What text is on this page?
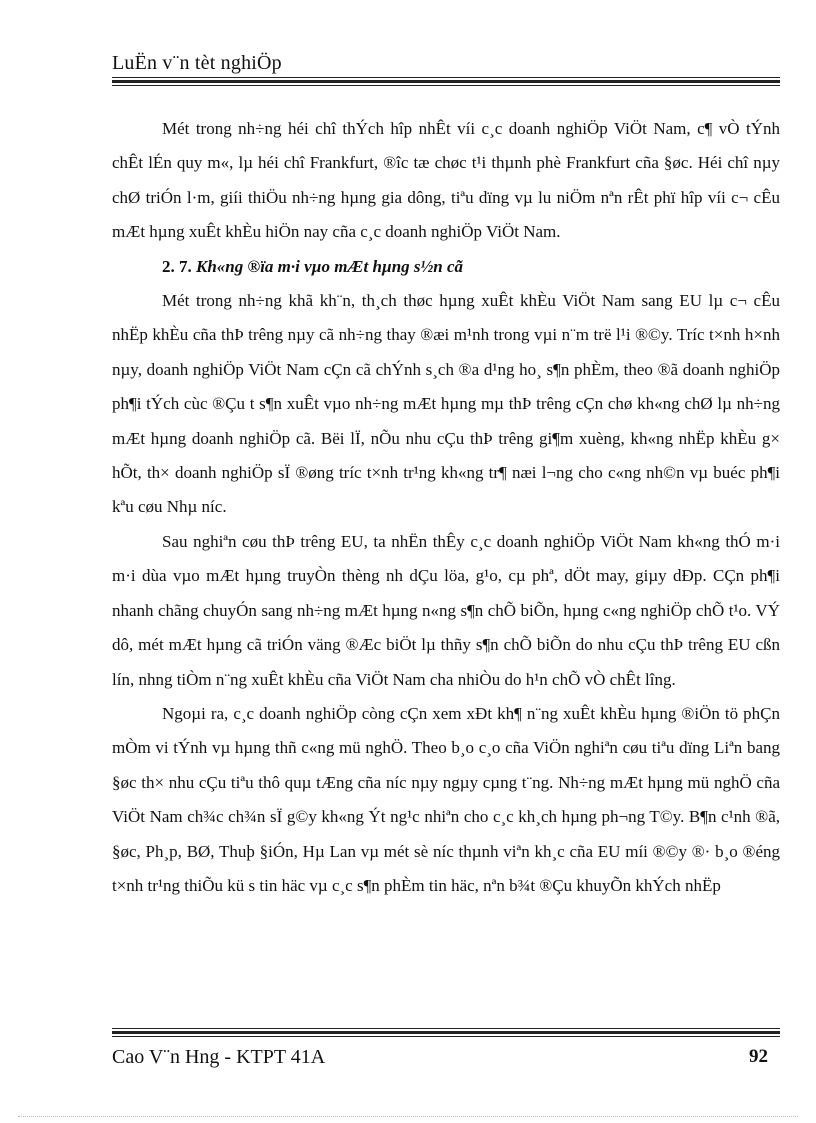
LuËn v¨n tèt nghiÖp

Mét trong nh÷ng héi chî thÝch hîp nhÊt víi c¸c doanh nghiÖp ViÖt Nam, c¶ vÒ tÝnh chÊt lÉn quy m«, lµ héi chî Frankfurt, ®îc tæ chøc t¹i thµnh phè Frankfurt cña §øc. Héi chî nµy chØ triÓn l·m, giíi thiÖu nh÷ng hµng gia dông, tiªu dïng vµ lu niÖm nªn rÊt phï hîp víi c¬ cÊu mÆt hµng xuÊt khÈu hiÖn nay cña c¸c doanh nghiÖp ViÖt Nam.

2. 7. Kh«ng ®ïa m·i vµo mÆt hµng s½n cã

Mét trong nh÷ng khã kh¨n, th¸ch thøc hµng xuÊt khÈu ViÖt Nam sang EU lµ c¬ cÊu nhËp khÈu cña thÞ trêng nµy cã nh÷ng thay ®æi m¹nh trong vµi n¨m trë l¹i ®©y. Tríc t×nh h×nh nµy, doanh nghiÖp ViÖt Nam cÇn cã chÝnh s¸ch ®a d¹ng ho¸ s¶n phÈm, theo ®ã doanh nghiÖp ph¶i tÝch cùc ®Çu t s¶n xuÊt vµo nh÷ng mÆt hµng mµ thÞ trêng cÇn chø kh«ng chØ lµ nh÷ng mÆt hµng doanh nghiÖp cã. Bëi lÏ, nÕu nhu cÇu thÞ trêng gi¶m xuèng, kh«ng nhËp khÈu g× hÕt, th× doanh nghiÖp sÏ ®øng tríc t×nh tr¹ng kh«ng tr¶ næi l¬ng cho c«ng nh©n vµ buéc ph¶i kªu cøu Nhµ níc.

Sau nghiªn cøu thÞ trêng EU, ta nhËn thÊy c¸c doanh nghiÖp ViÖt Nam kh«ng thÓ m·i m·i dùa vµo mÆt hµng truyÒn thèng nh dÇu löa, g¹o, cµ phª, dÖt may, giµy dÐp. CÇn ph¶i nhanh chãng chuyÓn sang nh÷ng mÆt hµng n«ng s¶n chÕ biÕn, hµng c«ng nghiÖp chÕ t¹o. VÝ dô, mét mÆt hµng cã triÓn väng ®Æc biÖt lµ thñy s¶n chÕ biÕn do nhu cÇu thÞ trêng EU cßn lín, nhng tiÒm n¨ng xuÊt khÈu cña ViÖt Nam cha nhiÒu do h¹n chÕ vÒ chÊt lîng.

Ngoµi ra, c¸c doanh nghiÖp còng cÇn xem xÐt kh¶ n¨ng xuÊt khÈu hµng ®iÖn tö phÇn mÒm vi tÝnh vµ hµng thñ c«ng mü nghÖ. Theo b¸o c¸o cña ViÖn nghiªn cøu tiªu dïng Liªn bang §øc th× nhu cÇu tiªu thô quµ tÆng cña níc nµy ngµy cµng t¨ng. Nh÷ng mÆt hµng mü nghÖ cña ViÖt Nam ch¾c ch¾n sÏ g©y kh«ng Ýt ng¹c nhiªn cho c¸c kh¸ch hµng ph¬ng T©y. B¶n c¹nh ®ã, §øc, Ph¸p, BØ, Thuþ §iÓn, Hµ Lan vµ mét sè níc thµnh viªn kh¸c cña EU míi ®©y ®· b¸o ®éng t×nh tr¹ng thiÕu kü s tin häc vµ c¸c s¶n phÈm tin häc, nªn b¾t ®Çu khuyÕn khÝch nhËp

Cao V¨n Hng - KTPT 41A	92
